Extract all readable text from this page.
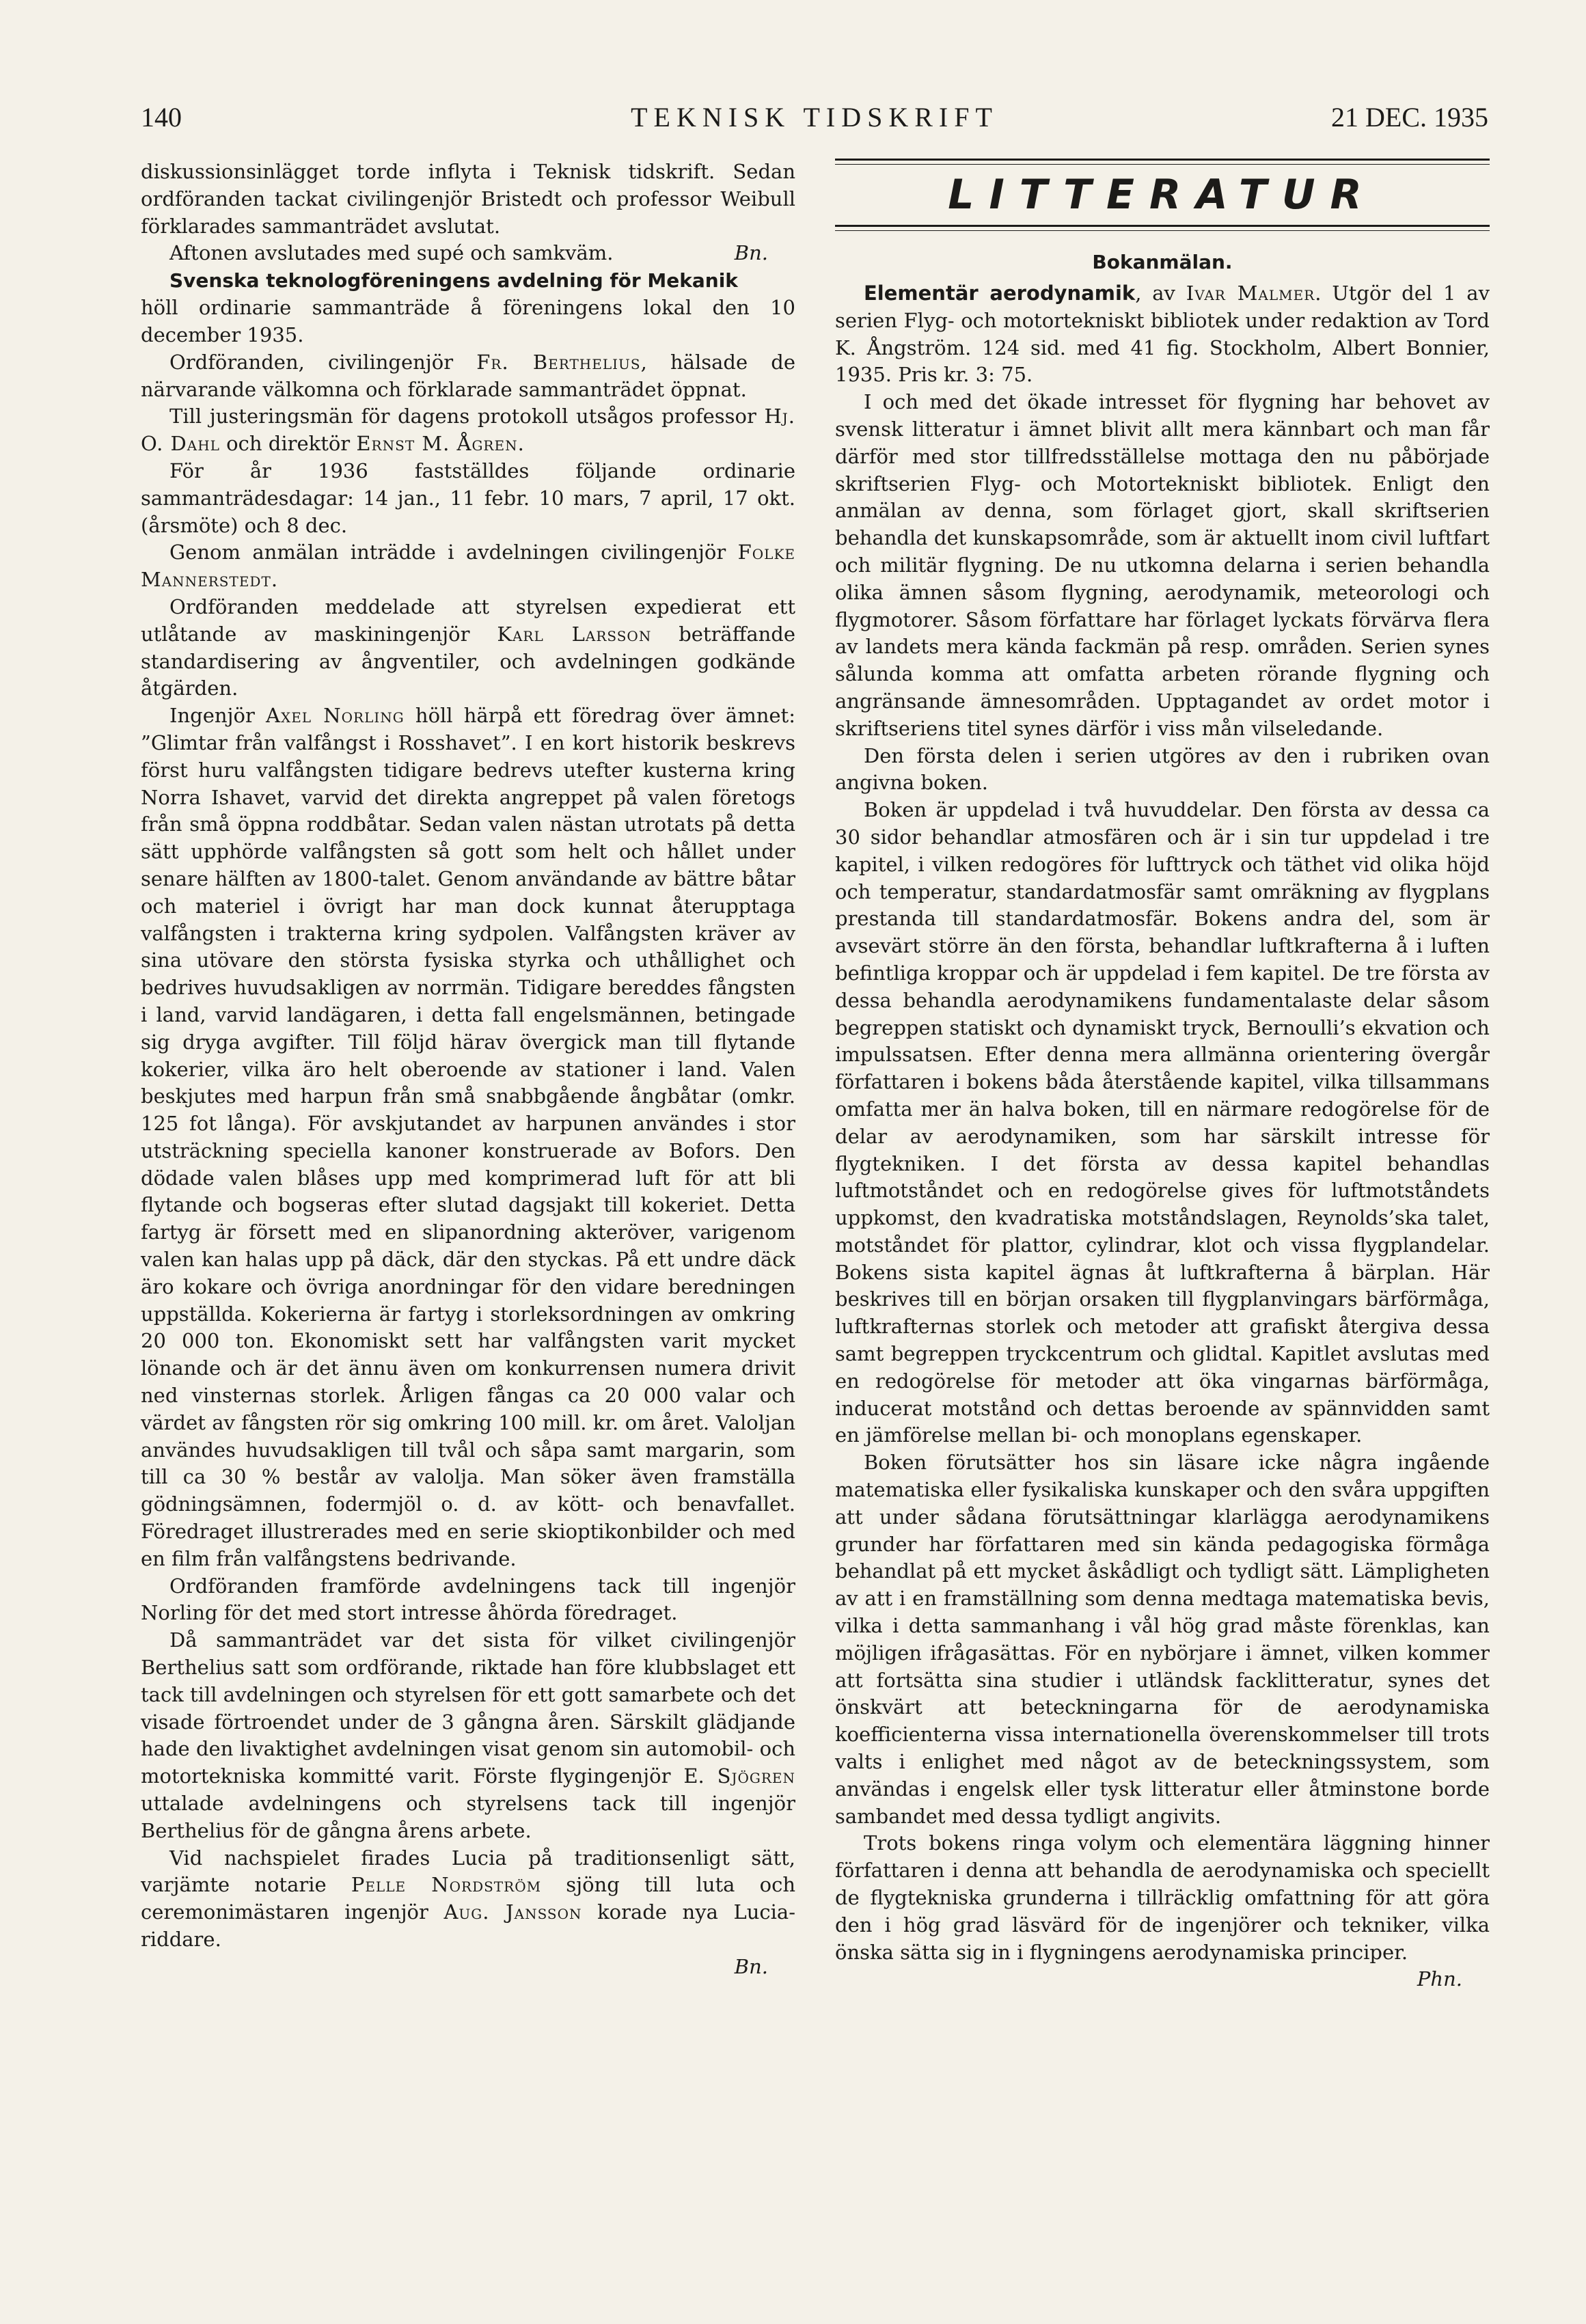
140	TEKNISK TIDSKRIFT	21 DEC. 1935

diskussionsinlägget torde inflyta i Teknisk tidskrift. Sedan ordföranden tackat civilingenjör Bristedt och professor Weibull förklarades sammanträdet avslutat.

Aftonen avslutades med supé och samkväm.	Bn.

Svenska teknologföreningens avdelning för Mekanik

höll ordinarie sammanträde å föreningens lokal den 10 december 1935.

Ordföranden, civilingenjör Fr. Berthelius, hälsade de närvarande välkomna och förklarade sammanträdet öppnat.

Till justeringsmän för dagens protokoll utsågos professor Hj. O. Dahl och direktör Ernst M. Ågren.

För år 1936 fastställdes följande ordinarie sammanträdesdagar: 14 jan., 11 febr. 10 mars, 7 april, 17 okt. (årsmöte) och 8 dec.

Genom anmälan inträdde i avdelningen civilingenjör Folke Mannerstedt.

Ordföranden meddelade att styrelsen expedierat ett utlåtande av maskiningenjör Karl Larsson beträffande standardisering av ångventiler, och avdelningen godkände åtgärden.

Ingenjör Axel Norling höll härpå ett föredrag över ämnet: ”Glimtar från valfångst i Rosshavet”. I en kort historik beskrevs först huru valfångsten tidigare bedrevs utefter kusterna kring Norra Ishavet, varvid det direkta angreppet på valen företogs från små öppna roddbåtar. Sedan valen nästan utrotats på detta sätt upphörde valfångsten så gott som helt och hållet under senare hälften av 1800-talet. Genom användande av bättre båtar och materiel i övrigt har man dock kunnat återupptaga valfångsten i trakterna kring sydpolen. Valfångsten kräver av sina utövare den största fysiska styrka och uthållighet och bedrives huvudsakligen av norrmän. Tidigare bereddes fångsten i land, varvid landägaren, i detta fall engelsmännen, betingade sig dryga avgifter. Till följd härav övergick man till flytande kokerier, vilka äro helt oberoende av stationer i land. Valen beskjutes med harpun från små snabbgående ångbåtar (omkr. 125 fot långa). För avskjutandet av harpunen användes i stor utsträckning speciella kanoner konstruerade av Bofors. Den dödade valen blåses upp med komprimerad luft för att bli flytande och bogseras efter slutad dagsjakt till kokeriet. Detta fartyg är försett med en slipanordning akteröver, varigenom valen kan halas upp på däck, där den styckas. På ett undre däck äro kokare och övriga anordningar för den vidare beredningen uppställda. Kokerierna är fartyg i storleksordningen av omkring 20 000 ton. Ekonomiskt sett har valfångsten varit mycket lönande och är det ännu även om konkurrensen numera drivit ned vinsternas storlek. Årligen fångas ca 20 000 valar och värdet av fångsten rör sig omkring 100 mill. kr. om året. Valoljan användes huvudsakligen till tvål och såpa samt margarin, som till ca 30 % består av valolja. Man söker även framställa gödningsämnen, fodermjöl o. d. av kött- och benavfallet. Föredraget illustrerades med en serie skioptikonbilder och med en film från valfångstens bedrivande.

Ordföranden framförde avdelningens tack till ingenjör Norling för det med stort intresse åhörda föredraget.

Då sammanträdet var det sista för vilket civilingenjör Berthelius satt som ordförande, riktade han före klubbslaget ett tack till avdelningen och styrelsen för ett gott samarbete och det visade förtroendet under de 3 gångna åren. Särskilt glädjande hade den livaktighet avdelningen visat genom sin automobil- och motortekniska kommitté varit. Förste flygingenjör E. Sjögren uttalade avdelningens och styrelsens tack till ingenjör Berthelius för de gångna årens arbete.

Vid nachspielet firades Lucia på traditionsenligt sätt, varjämte notarie Pelle Nordström sjöng till luta och ceremonimästaren ingenjör Aug. Jansson korade nya Lucia-riddare.

Bn.

LITTERATUR
Bokanmälan.

Elementär aerodynamik, av Ivar Malmer. Utgör del 1 av serien Flyg- och motortekniskt bibliotek under redaktion av Tord K. Ångström. 124 sid. med 41 fig. Stockholm, Albert Bonnier, 1935. Pris kr. 3: 75.

I och med det ökade intresset för flygning har behovet av svensk litteratur i ämnet blivit allt mera kännbart och man får därför med stor tillfredsställelse mottaga den nu påbörjade skriftserien Flyg- och Motortekniskt bibliotek. Enligt den anmälan av denna, som förlaget gjort, skall skriftserien behandla det kunskapsområde, som är aktuellt inom civil luftfart och militär flygning. De nu utkomna delarna i serien behandla olika ämnen såsom flygning, aerodynamik, meteorologi och flygmotorer. Såsom författare har förlaget lyckats förvärva flera av landets mera kända fackmän på resp. områden. Serien synes sålunda komma att omfatta arbeten rörande flygning och angränsande ämnesområden. Upptagandet av ordet motor i skriftseriens titel synes därför i viss mån vilseledande.

Den första delen i serien utgöres av den i rubriken ovan angivna boken.

Boken är uppdelad i två huvuddelar. Den första av dessa ca 30 sidor behandlar atmosfären och är i sin tur uppdelad i tre kapitel, i vilken redogöres för lufttryck och täthet vid olika höjd och temperatur, standardatmosfär samt omräkning av flygplans prestanda till standardatmosfär. Bokens andra del, som är avsevärt större än den första, behandlar luftkrafterna å i luften befintliga kroppar och är uppdelad i fem kapitel. De tre första av dessa behandla aerodynamikens fundamentalaste delar såsom begreppen statiskt och dynamiskt tryck, Bernoulli’s ekvation och impulssatsen. Efter denna mera allmänna orientering övergår författaren i bokens båda återstående kapitel, vilka tillsammans omfatta mer än halva boken, till en närmare redogörelse för de delar av aerodynamiken, som har särskilt intresse för flygtekniken. I det första av dessa kapitel behandlas luftmotståndet och en redogörelse gives för luftmotståndets uppkomst, den kvadratiska motståndslagen, Reynolds’ska talet, motståndet för plattor, cylindrar, klot och vissa flygplandelar. Bokens sista kapitel ägnas åt luftkrafterna å bärplan. Här beskrives till en början orsaken till flygplanvingars bärförmåga, luftkrafternas storlek och metoder att grafiskt återgiva dessa samt begreppen tryckcentrum och glidtal. Kapitlet avslutas med en redogörelse för metoder att öka vingarnas bärförmåga, inducerat motstånd och dettas beroende av spännvidden samt en jämförelse mellan bi- och monoplans egenskaper.

Boken förutsätter hos sin läsare icke några ingående matematiska eller fysikaliska kunskaper och den svåra uppgiften att under sådana förutsättningar klarlägga aerodynamikens grunder har författaren med sin kända pedagogiska förmåga behandlat på ett mycket åskådligt och tydligt sätt. Lämpligheten av att i en framställning som denna medtaga matematiska bevis, vilka i detta sammanhang i vål hög grad måste förenklas, kan möjligen ifrågasättas. För en nybörjare i ämnet, vilken kommer att fortsätta sina studier i utländsk facklitteratur, synes det önskvärt att beteckningarna för de aerodynamiska koefficienterna vissa internationella överenskommelser till trots valts i enlighet med något av de beteckningssystem, som användas i engelsk eller tysk litteratur eller åtminstone borde sambandet med dessa tydligt angivits.

Trots bokens ringa volym och elementära läggning hinner författaren i denna att behandla de aerodynamiska och speciellt de flygtekniska grunderna i tillräcklig omfattning för att göra den i hög grad läsvärd för de ingenjörer och tekniker, vilka önska sätta sig in i flygningens aerodynamiska principer.
Phn.
